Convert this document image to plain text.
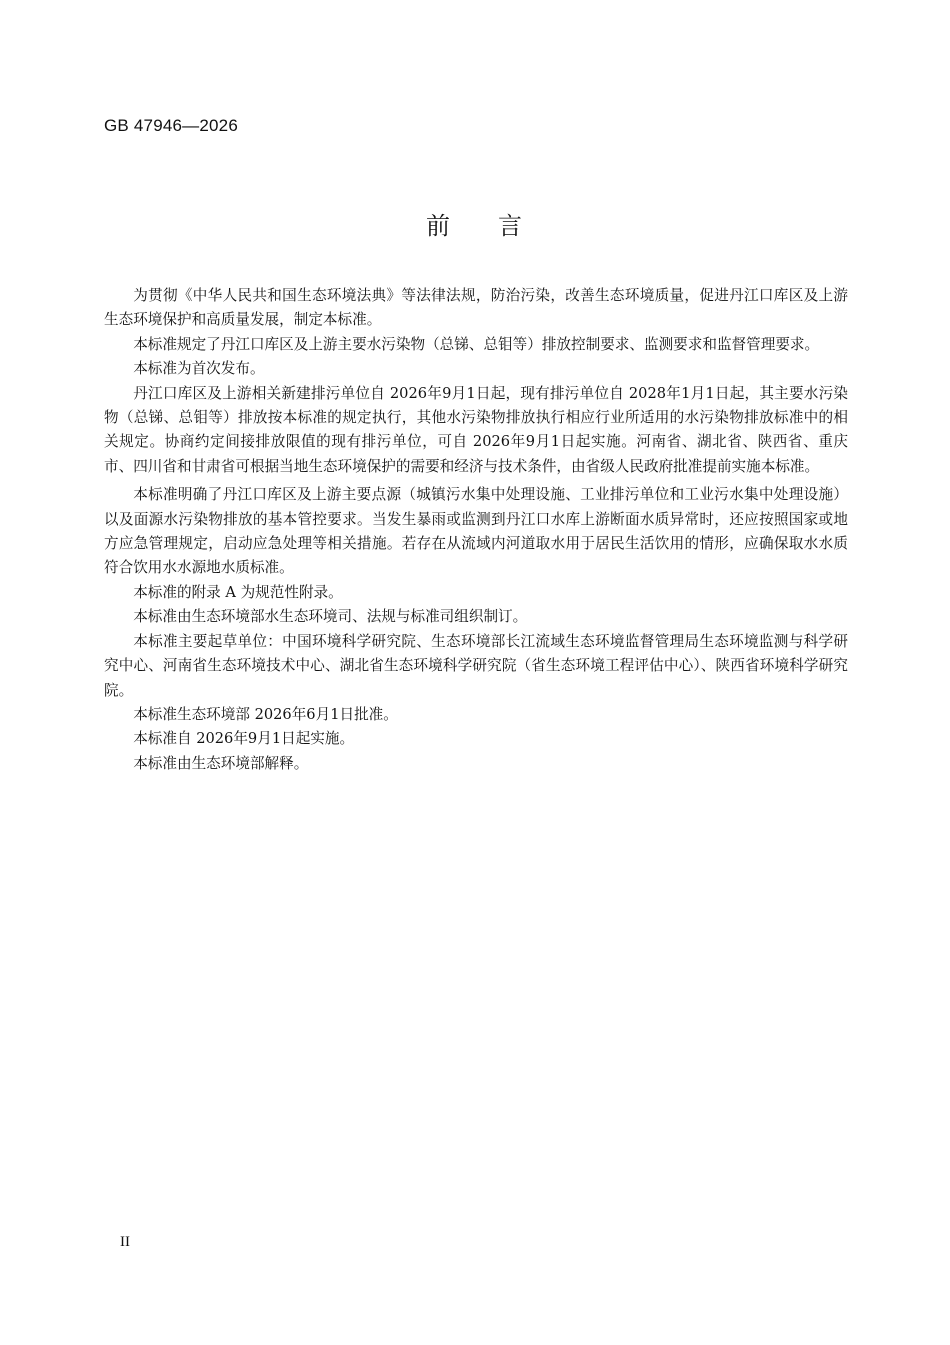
GB 47946—2026
前 言

为贯彻《中华人民共和国生态环境法典》等法律法规，防治污染，改善生态环境质量，促进丹江口库区及上游生态环境保护和高质量发展，制定本标准。

本标准规定了丹江口库区及上游主要水污染物（总锑、总钼等）排放控制要求、监测要求和监督管理要求。

本标准为首次发布。

丹江口库区及上游相关新建排污单位自 2026年9月1日起，现有排污单位自 2028年1月1日起，其主要水污染物（总锑、总钼等）排放按本标准的规定执行，其他水污染物排放执行相应行业所适用的水污染物排放标准中的相关规定。协商约定间接排放限值的现有排污单位，可自 2026年9月1日起实施。河南省、湖北省、陕西省、重庆市、四川省和甘肃省可根据当地生态环境保护的需要和经济与技术条件，由省级人民政府批准提前实施本标准。

本标准明确了丹江口库区及上游主要点源（城镇污水集中处理设施、工业排污单位和工业污水集中处理设施）以及面源水污染物排放的基本管控要求。当发生暴雨或监测到丹江口水库上游断面水质异常时，还应按照国家或地方应急管理规定，启动应急处理等相关措施。若存在从流域内河道取水用于居民生活饮用的情形，应确保取水水质符合饮用水水源地水质标准。

本标准的附录 A 为规范性附录。

本标准由生态环境部水生态环境司、法规与标准司组织制订。

本标准主要起草单位：中国环境科学研究院、生态环境部长江流域生态环境监督管理局生态环境监测与科学研究中心、河南省生态环境技术中心、湖北省生态环境科学研究院（省生态环境工程评估中心）、陕西省环境科学研究院。

本标准生态环境部 2026年6月1日批准。

本标准自 2026年9月1日起实施。

本标准由生态环境部解释。

II
